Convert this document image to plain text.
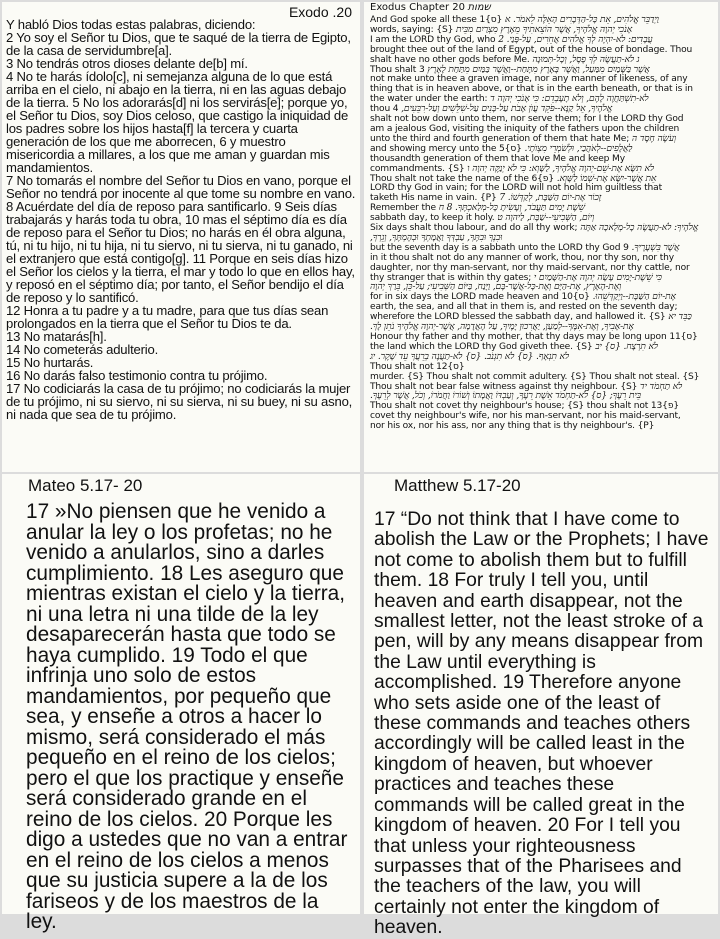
Exodo .20

Y habló Dios todas estas palabras, diciendo:

2 Yo soy el Señor tu Dios, que te saqué de la tierra de Egipto, de la casa de servidumbre[a].

3 No tendrás otros dioses delante de[b] mí.

4 No te harás ídolo[c], ni semejanza alguna de lo que está arriba en el cielo, ni abajo en la tierra, ni en las aguas debajo de la tierra. 5 No los adorarás[d] ni los servirás[e]; porque yo, el Señor tu Dios, soy Dios celoso, que castigo la iniquidad de los padres sobre los hijos hasta[f] la tercera y cuarta generación de los que me aborrecen, 6 y muestro misericordia a millares, a los que me aman y guardan mis mandamientos.

7 No tomarás el nombre del Señor tu Dios en vano, porque el Señor no tendrá por inocente al que tome su nombre en vano.

8 Acuérdate del día de reposo para santificarlo. 9 Seis días trabajarás y harás toda tu obra, 10 mas el séptimo día es día de reposo para el Señor tu Dios; no harás en él obra alguna, tú, ni tu hijo, ni tu hija, ni tu siervo, ni tu sierva, ni tu ganado, ni el extranjero que está contigo[g]. 11 Porque en seis días hizo el Señor los cielos y la tierra, el mar y todo lo que en ellos hay, y reposó en el séptimo día; por tanto, el Señor bendijo el día de reposo y lo santificó.

12 Honra a tu padre y a tu madre, para que tus días sean prolongados en la tierra que el Señor tu Dios te da.

13 No matarás[h].

14 No cometerás adulterio.

15 No hurtarás.

16 No darás falso testimonio contra tu prójimo.

17 No codiciarás la casa de tu prójimo; no codiciarás la mujer de tu prójimo, ni su siervo, ni su sierva, ni su buey, ni su asno, ni nada que sea de tu prójimo.

Exodus Chapter 20 שמות

And God spoke all these 1{ס} וַיְדַבֵּר אֱלֹהִים, אֵת כָּל-הַדְּבָרִים הָאֵלֶּה לֵאמֹר. א

words, saying: {S} אָנֹכִי יְהוָה אֱלֹהֶיךָ, אֲשֶׁר הוֹצֵאתִיךָ מֵאֶרֶץ מִצְרַיִם מִבֵּית

I am the LORD thy God, who עֲבָדִים: לֹא-יִהְיֶה לְךָ אֱלֹהִים אֲחֵרִים, עַל-פָּנַי. 2

brought thee out of the land of Egypt, out of the house of bondage. Thou

shalt have no other gods before Me. ג לֹא-תַעֲשֶׂה לְךָ פֶסֶל, וְכָל-תְּמוּנָה

Thou shalt 3 אֲשֶׁר בַּשָּׁמַיִם מִמַּעַל, וַאֲשֶׁר בָּאָרֶץ מִתָּחַת--וַאֲשֶׁר בַּמַּיִם מִתַּחַת לָאָרֶץ

not make unto thee a graven image, nor any manner of likeness, of any

thing that is in heaven above, or that is in the earth beneath, or that is in

the water under the earth: לֹא-תִשְׁתַּחֲוֶה לָהֶם, וְלֹא תָעָבְדֵם: כִּי אָנֹכִי יְהוָה ד

thou 4 אֱלֹהֶיךָ, אֵל קַנָּא--פֹּקֵד עֲוֺן אָבֹת עַל-בָּנִים עַל-שִׁלֵּשִׁים וְעַל-רִבֵּעִים,

shalt not bow down unto them, nor serve them; for I the LORD thy God

am a jealous God, visiting the iniquity of the fathers upon the children

unto the third and fourth generation of them that hate Me; וְעֹשֶׂה חֶסֶד ה

and showing mercy unto the 5{ס} לַאֲלָפִים--לְאֹהֲבַי, וּלְשֹׁמְרֵי מִצְוֺתָי.

thousandth generation of them that love Me and keep My

commandments. {S} לֹא תִשָּׂא אֶת-שֵׁם-יְהוָה אֱלֹהֶיךָ, לַשָּׁוְא: כִּי לֹא יְנַקֶּה יְהוָה ו

Thou shalt not take the name of the 6{פ} אֵת אֲשֶׁר-יִשָּׂא אֶת-שְׁמוֹ לַשָּׁוְא.

LORD thy God in vain; for the LORD will not hold him guiltless that

taketh His name in vain. {P} זָכוֹר אֶת-יוֹם הַשַּׁבָּת, לְקַדְּשׁוֹ. 7

Remember the שֵׁשֶׁת יָמִים תַּעֲבֹד, וְעָשִׂיתָ כָּל-מְלַאכְתֶּךָ. 8 ח

sabbath day, to keep it holy. וְיוֹם, הַשְּׁבִיעִי--שַׁבָּת, לַיהוָה ט

Six days shalt thou labour, and do all thy work; אֱלֹהֶיךָ: לֹא-תַעֲשֶׂה כָל-מְלָאכָה אַתָּה וּבִנְךָ וּבִתֶּךָ, עַבְדְּךָ וַאֲמָתְךָ וּבְהֶמְתֶּךָ, וְגֵרְךָ,

but the seventh day is a sabbath unto the LORD thy God 9 אֲשֶׁר בִּשְׁעָרֶיךָ.

in it thou shalt not do any manner of work, thou, nor thy son, nor thy

daughter, nor thy man-servant, nor thy maid-servant, nor thy cattle, nor

thy stranger that is within thy gates; כִּי שֵׁשֶׁת-יָמִים עָשָׂה יְהוָה אֶת-הַשָּׁמַיִם י

וְאֶת-הָאָרֶץ, אֶת-הַיָּם וְאֶת-כָּל-אֲשֶׁר-בָּם, וַיָּנַח, בַּיּוֹם הַשְּׁבִיעִי; עַל-כֵּן, בֵּרַךְ יְהוָה

for in six days the LORD made heaven and 10{ס} אֶת-יוֹם הַשַּׁבָּת--וַיְקַדְּשֵׁהוּ.

earth, the sea, and all that in them is, and rested on the seventh day;

wherefore the LORD blessed the sabbath day, and hallowed it. {S} כַּבֵּד יא

אֶת-אָבִיךָ, וְאֶת-אִמֶּךָ--לְמַעַן, יַאֲרִכוּן יָמֶיךָ, עַל הָאֲדָמָה, אֲשֶׁר-יְהוָה אֱלֹהֶיךָ נֹתֵן לָךְ.

Honour thy father and thy mother, that thy days may be long upon 11{ס}

the land which the LORD thy God giveth thee. {S} לֹא תִרְצָח. {ס} יב

לֹא תִנְאָף. {ס} לֹא תִגְנֹב. {ס} לֹא-תַעֲנֶה בְרֵעֲךָ עֵד שָׁקֶר. יג

Thou shalt not 12{ס}

murder. {S} Thou shalt not commit adultery. {S} Thou shalt not steal. {S}

Thou shalt not bear false witness against thy neighbour. {S} לֹא תַחְמֹד יד

בֵּית רֵעֶךָ; {ס} לֹא-תַחְמֹד אֵשֶׁת רֵעֶךָ, וְעַבְדּוֹ וַאֲמָתוֹ וְשׁוֹרוֹ וַחֲמֹרוֹ, וְכֹל, אֲשֶׁר לְרֵעֶךָ.

Thou shalt not covet thy neighbour's house; {S} thou shalt not 13{פ}

covet thy neighbour's wife, nor his man-servant, nor his maid-servant,

nor his ox, nor his ass, nor any thing that is thy neighbour's. {P}

Mateo 5.17- 20
17 »No piensen que he venido a anular la ley o los profetas; no he venido a anularlos, sino a darles cumplimiento. 18 Les aseguro que mientras existan el cielo y la tierra, ni una letra ni una tilde de la ley desaparecerán hasta que todo se haya cumplido. 19 Todo el que infrinja uno solo de estos mandamientos, por pequeño que sea, y enseñe a otros a hacer lo mismo, será considerado el más pequeño en el reino de los cielos; pero el que los practique y enseñe será considerado grande en el reino de los cielos. 20 Porque les digo a ustedes que no van a entrar en el reino de los cielos a menos que su justicia supere a la de los fariseos y de los maestros de la ley.
Matthew 5.17-20
17 “Do not think that I have come to abolish the Law or the Prophets; I have not come to abolish them but to fulfill them. 18 For truly I tell you, until heaven and earth disappear, not the smallest letter, not the least stroke of a pen, will by any means disappear from the Law until everything is accomplished. 19 Therefore anyone who sets aside one of the least of these commands and teaches others accordingly will be called least in the kingdom of heaven, but whoever practices and teaches these commands will be called great in the kingdom of heaven. 20 For I tell you that unless your righteousness surpasses that of the Pharisees and the teachers of the law, you will certainly not enter the kingdom of heaven.
